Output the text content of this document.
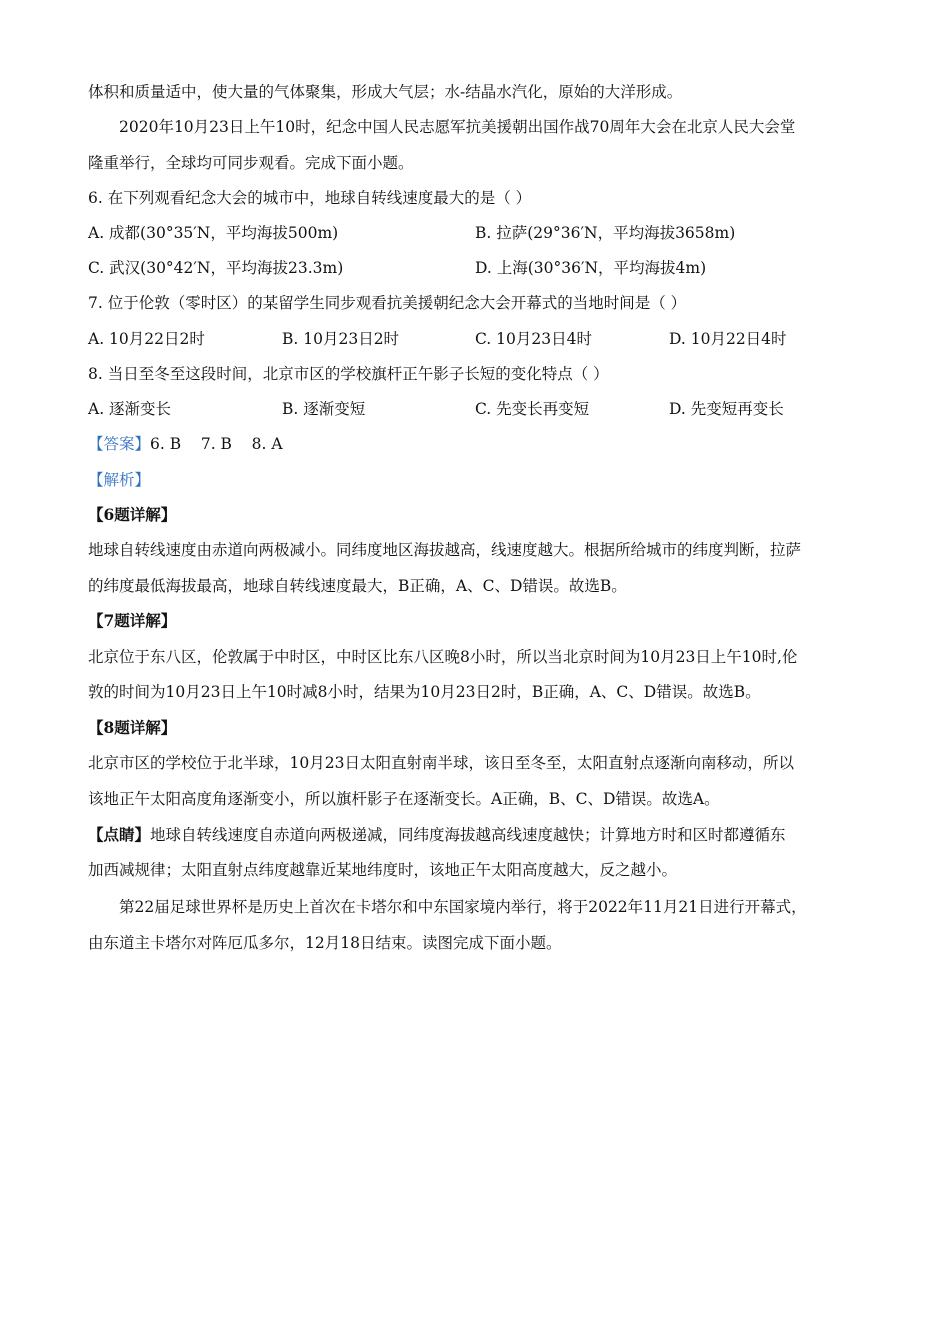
体积和质量适中，使大量的气体聚集，形成大气层；水-结晶水汽化，原始的大洋形成。
2020年10月23日上午10时，纪念中国人民志愿军抗美援朝出国作战70周年大会在北京人民大会堂
隆重举行，全球均可同步观看。完成下面小题。
6. 在下列观看纪念大会的城市中，地球自转线速度最大的是（ ）
A. 成都(30°35′N，平均海拔500m)	B. 拉萨(29°36′N，平均海拔3658m)
C. 武汉(30°42′N，平均海拔23.3m)	D. 上海(30°36′N，平均海拔4m)
7. 位于伦敦（零时区）的某留学生同步观看抗美援朝纪念大会开幕式的当地时间是（ ）
A. 10月22日2时	B. 10月23日2时	C. 10月23日4时	D. 10月22日4时
8. 当日至冬至这段时间，北京市区的学校旗杆正午影子长短的变化特点（ ）
A. 逐渐变长	B. 逐渐变短	C. 先变长再变短	D. 先变短再变长
【答案】6. B    7. B    8. A
【解析】
【6题详解】
地球自转线速度由赤道向两极减小。同纬度地区海拔越高，线速度越大。根据所给城市的纬度判断，拉萨
的纬度最低海拔最高，地球自转线速度最大，B正确，A、C、D错误。故选B。
【7题详解】
北京位于东八区，伦敦属于中时区，中时区比东八区晚8小时，所以当北京时间为10月23日上午10时,伦
敦的时间为10月23日上午10时减8小时，结果为10月23日2时，B正确，A、C、D错误。故选B。
【8题详解】
北京市区的学校位于北半球，10月23日太阳直射南半球，该日至冬至，太阳直射点逐渐向南移动，所以
该地正午太阳高度角逐渐变小，所以旗杆影子在逐渐变长。A正确，B、C、D错误。故选A。
【点睛】地球自转线速度自赤道向两极递减，同纬度海拔越高线速度越快；计算地方时和区时都遵循东
加西减规律；太阳直射点纬度越靠近某地纬度时，该地正午太阳高度越大，反之越小。
第22届足球世界杯是历史上首次在卡塔尔和中东国家境内举行，将于2022年11月21日进行开幕式，
由东道主卡塔尔对阵厄瓜多尔，12月18日结束。读图完成下面小题。
